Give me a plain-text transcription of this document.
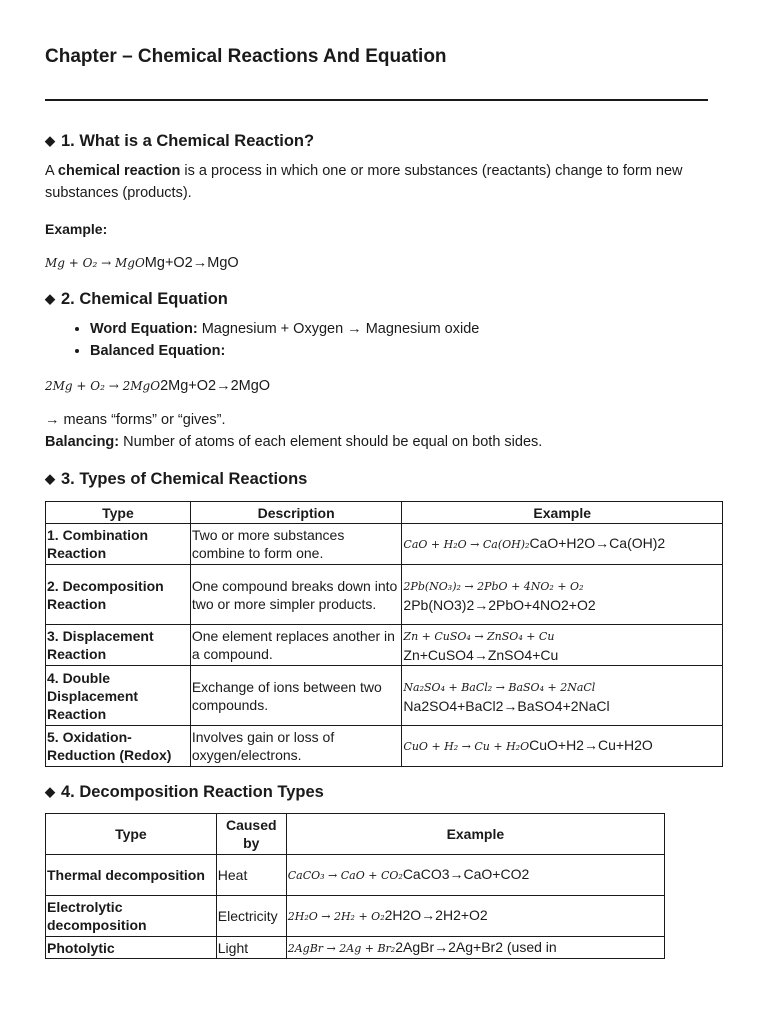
Chapter – Chemical Reactions And Equation
◆ 1. What is a Chemical Reaction?

A chemical reaction is a process in which one or more substances (reactants) change to form new substances (products).

Example:

Mg + O₂ → MgOMg+O2→MgO

◆ 2. Chemical Equation
• Word Equation: Magnesium + Oxygen → Magnesium oxide
• Balanced Equation:

2Mg + O₂ → 2MgO2Mg+O2→2MgO

→ means “forms” or “gives”.

Balancing: Number of atoms of each element should be equal on both sides.

◆ 3. Types of Chemical Reactions
Type	Description	Example
1. Combination Reaction	Two or more substances combine to form one.	CaO + H₂O → Ca(OH)₂CaO+H2O→Ca(OH)2
2. Decomposition Reaction	One compound breaks down into two or more simpler products.	2Pb(NO₃)₂ → 2PbO + 4NO₂ + O₂
2Pb(NO3)2→2PbO+4NO2+O2
3. Displacement Reaction	One element replaces another in a compound.	Zn + CuSO₄ → ZnSO₄ + Cu
Zn+CuSO4→ZnSO4+Cu
4. Double Displacement Reaction	Exchange of ions between two compounds.	Na₂SO₄ + BaCl₂ → BaSO₄ + 2NaCl
Na2SO4+BaCl2→BaSO4+2NaCl
5. Oxidation-Reduction (Redox)	Involves gain or loss of oxygen/electrons.	CuO + H₂ → Cu + H₂OCuO+H2→Cu+H2O
◆ 4. Decomposition Reaction Types
Type	Caused by	Example
Thermal decomposition	Heat	CaCO₃ → CaO + CO₂CaCO3→CaO+CO2
Electrolytic decomposition	Electricity	2H₂O → 2H₂ + O₂2H2O→2H2+O2
Photolytic	Light	2AgBr → 2Ag + Br₂2AgBr→2Ag+Br2 (used in
